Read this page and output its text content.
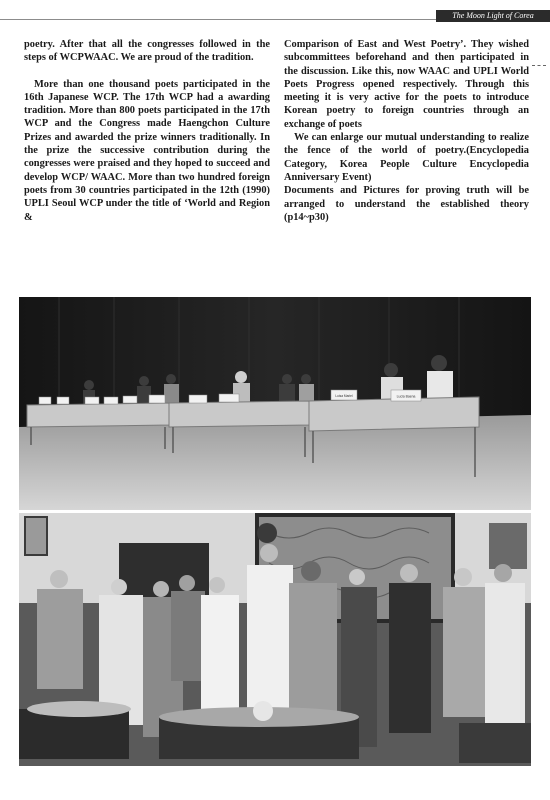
The Moon Light of Corea

poetry. After that all the congresses followed in the steps of WCPWAAC. We are proud of the tradition.

More than one thousand poets participated in the 16th Japanese WCP. The 17th WCP had a awarding tradition. More than 800 poets participated in the 17th WCP and the Congress made Haengchon Culture Prizes and awarded the prize winners traditionally. In the prize the successive contribution during the congresses were praised and they hoped to succeed and develop WCP/ WAAC. More than two hundred foreign poets from 30 countries participated in the 12th (1990) UPLI Seoul WCP under the title of ‘World and Region &

Comparison of East and West Poetry’. They wished subcommittees beforehand and then participated in the discussion. Like this, now WAAC and UPLI World Poets Progress opened respectively. Through this meeting it is very active for the poets to introduce Korean poetry to foreign countries through an exchange of poets

We can enlarge our mutual understanding to realize the fence of the world of poetry.(Encyclopedia Category, Korea People Culture Encyclopedia Anniversary Event)

Documents and Pictures for proving truth will be arranged to understand the established theory (p14~p30)

Luisa Mariel	Lucia Baena
